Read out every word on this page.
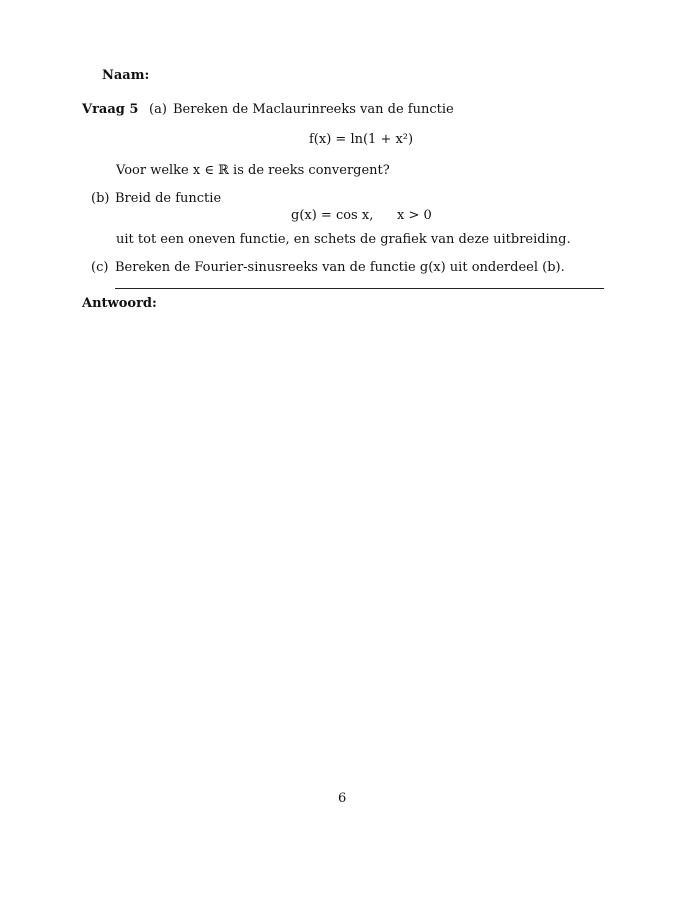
Naam:
Vraag 5 (a) Bereken de Maclaurinreeks van de functie
f(x) = ln(1 + x²)
Voor welke x ∈ ℝ is de reeks convergent?
(b) Breid de functie
g(x) = cos x, x > 0
uit tot een oneven functie, en schets de grafiek van deze uitbreiding.
(c) Bereken de Fourier-sinusreeks van de functie g(x) uit onderdeel (b).
Antwoord:
6
